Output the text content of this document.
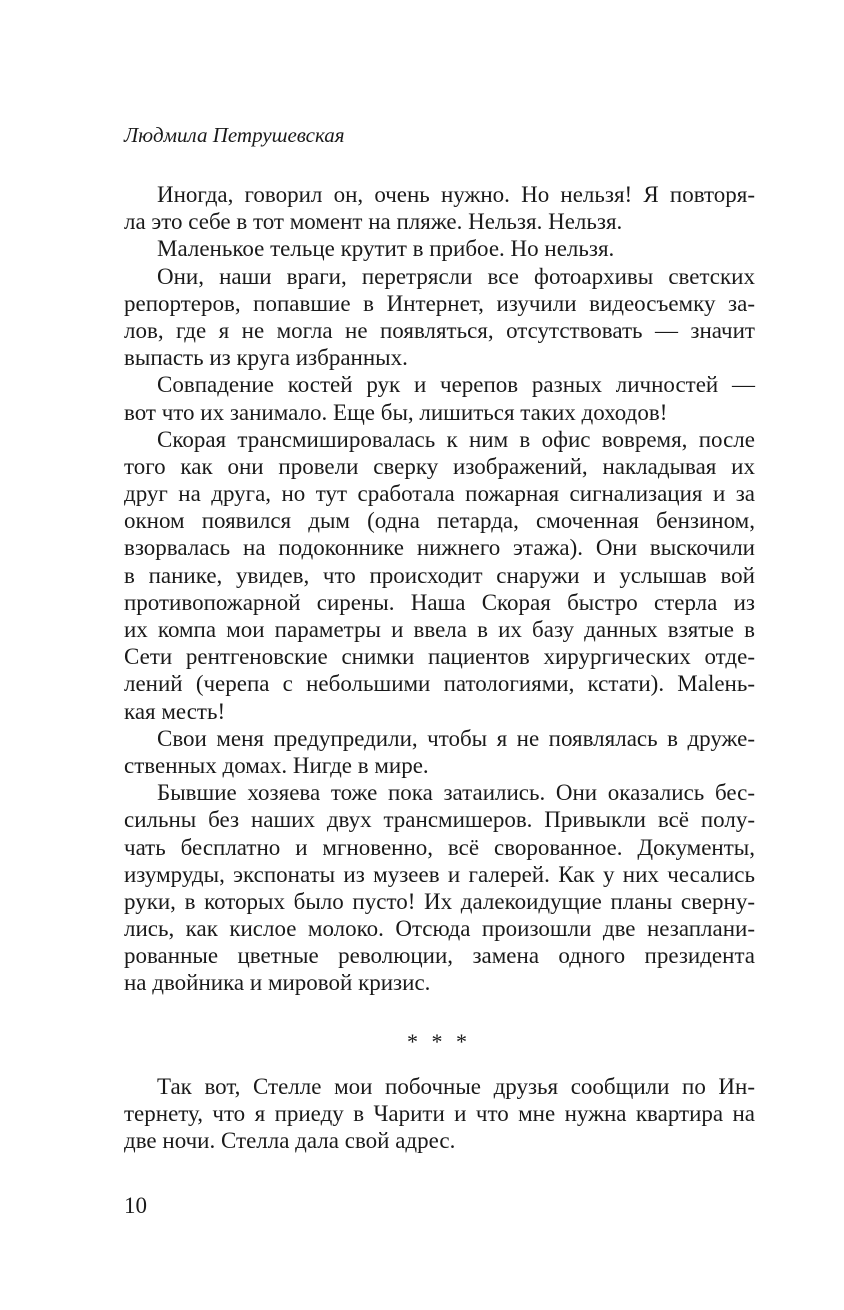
Людмила Петрушевская
Иногда, говорил он, очень нужно. Но нельзя! Я повторя-
ла это себе в тот момент на пляже. Нельзя. Нельзя.
Маленькое тельце крутит в прибое. Но нельзя.
Они, наши враги, перетрясли все фотоархивы светских
репортеров, попавшие в Интернет, изучили видеосъемку за-
лов, где я не могла не появляться, отсутствовать — значит
выпасть из круга избранных.
Совпадение костей рук и черепов разных личностей —
вот что их занимало. Еще бы, лишиться таких доходов!
Скорая трансмишировалась к ним в офис вовремя, после
того как они провели сверку изображений, накладывая их
друг на друга, но тут сработала пожарная сигнализация и за
окном появился дым (одна петарда, смоченная бензином,
взорвалась на подоконнике нижнего этажа). Они выскочили
в панике, увидев, что происходит снаружи и услышав вой
противопожарной сирены. Наша Скорая быстро стерла из
их компа мои параметры и ввела в их базу данных взятые в
Сети рентгеновские снимки пациентов хирургических отде-
лений (черепа с небольшими патологиями, кстати). Malень-
кая месть!
Свои меня предупредили, чтобы я не появлялась в друже-
ственных домах. Нигде в мире.
Бывшие хозяева тоже пока затаились. Они оказались бес-
сильны без наших двух трансмишеров. Привыкли всё полу-
чать бесплатно и мгновенно, всё сворованное. Документы,
изумруды, экспонаты из музеев и галерей. Как у них чесались
руки, в которых было пусто! Их далекоидущие планы сверну-
лись, как кислое молоко. Отсюда произошли две незаплани-
рованные цветные революции, замена одного президента
на двойника и мировой кризис.
* * *
Так вот, Стелле мои побочные друзья сообщили по Ин-
тернету, что я приеду в Чарити и что мне нужна квартира на
две ночи. Стелла дала свой адрес.
10
